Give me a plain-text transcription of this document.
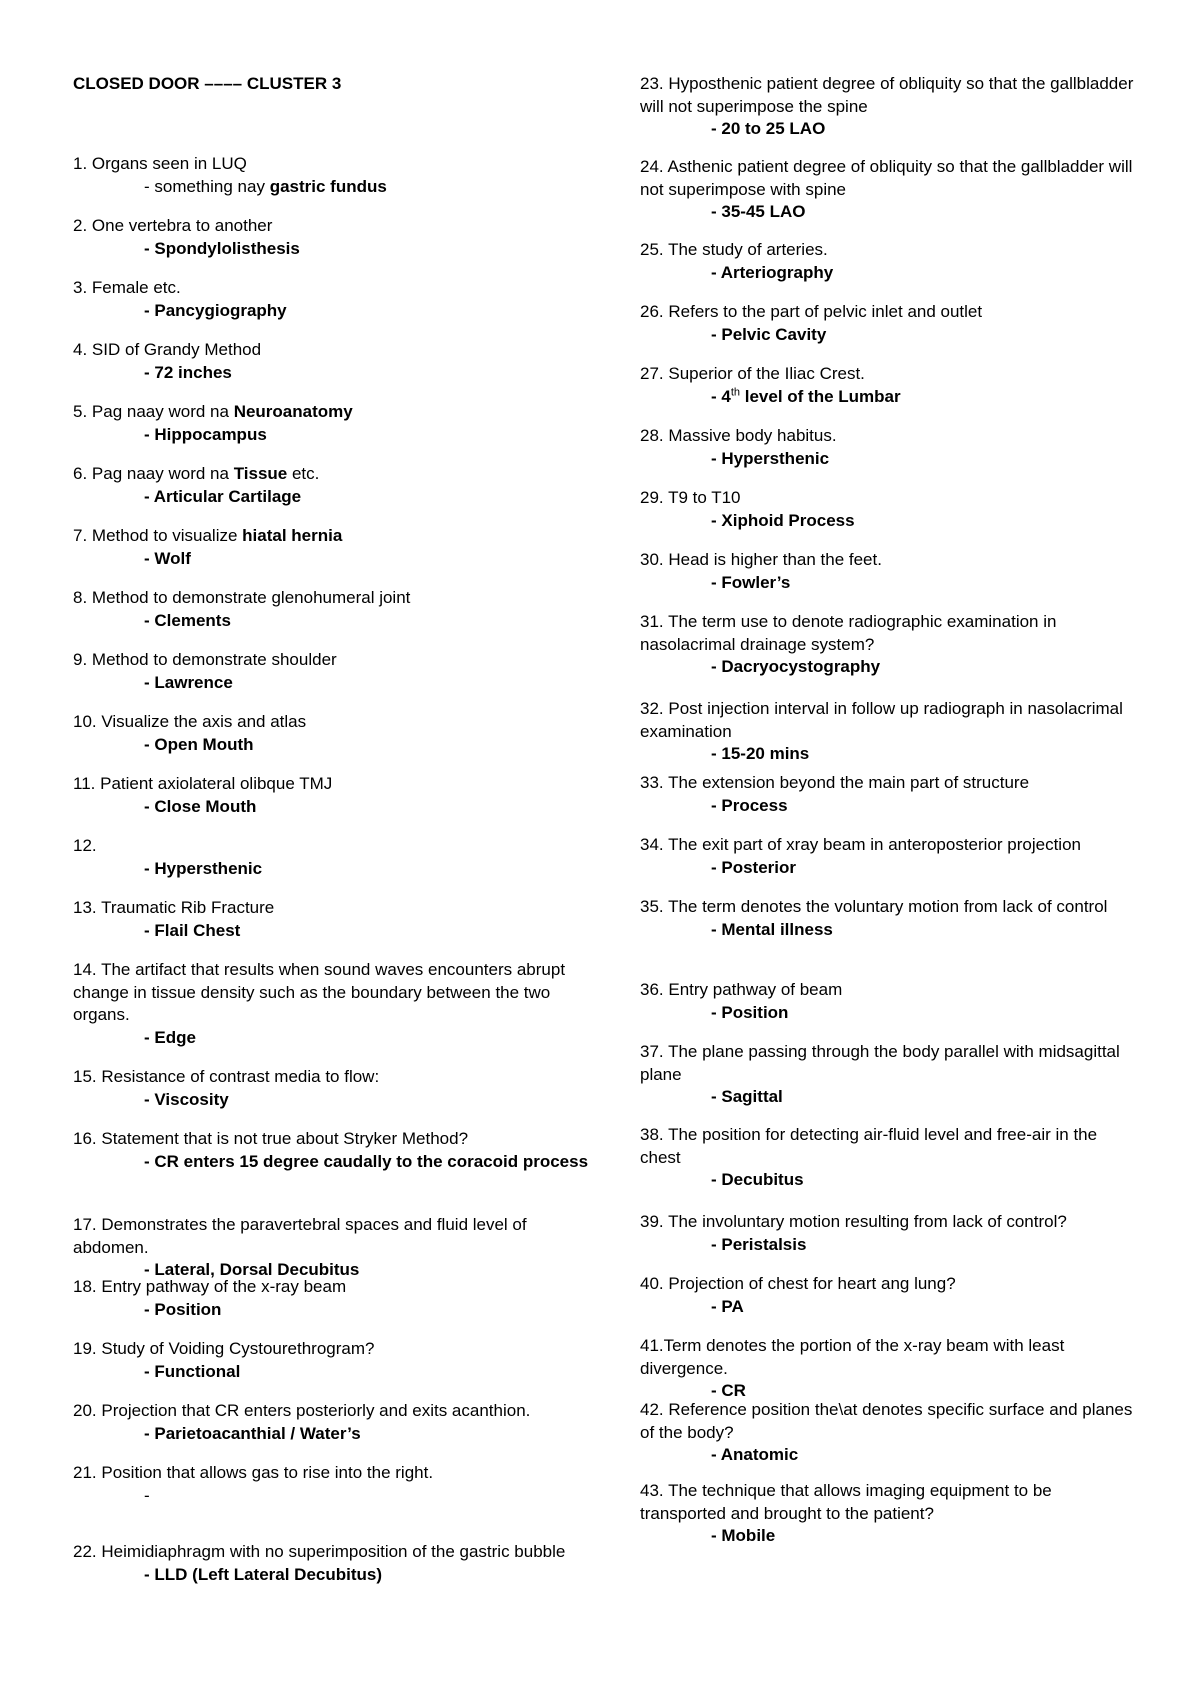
CLOSED DOOR –––– CLUSTER 3
1. Organs seen in LUQ
- something nay gastric fundus
2. One vertebra to another
- Spondylolisthesis
3. Female etc.
- Pancygiography
4. SID of Grandy Method
- 72 inches
5. Pag naay word na Neuroanatomy
- Hippocampus
6. Pag naay word na Tissue etc.
- Articular Cartilage
7. Method to visualize hiatal hernia
- Wolf
8. Method to demonstrate glenohumeral joint
- Clements
9. Method to demonstrate shoulder
- Lawrence
10. Visualize the axis and atlas
- Open Mouth
11. Patient axiolateral olibque TMJ
- Close Mouth
12.
- Hypersthenic
13. Traumatic Rib Fracture
- Flail Chest
14. The artifact that results when sound waves encounters abrupt change in tissue density such as the boundary between the two organs.
- Edge
15. Resistance of contrast media to flow:
- Viscosity
16. Statement that is not true about Stryker Method?
- CR enters 15 degree caudally to the coracoid process
17. Demonstrates the paravertebral spaces and fluid level of abdomen.
- Lateral, Dorsal Decubitus
18. Entry pathway of the x-ray beam
- Position
19. Study of Voiding Cystourethrogram?
- Functional
20. Projection that CR enters posteriorly and exits acanthion.
- Parietoacanthial / Water’s
21. Position that allows gas to rise into the right.
-
22. Heimidiaphragm with no superimposition of the gastric bubble
- LLD (Left Lateral Decubitus)
23. Hyposthenic patient degree of obliquity so that the gallbladder will not superimpose the spine
- 20 to 25 LAO
24. Asthenic patient degree of obliquity so that the gallbladder will not superimpose with spine
- 35-45 LAO
25. The study of arteries.
- Arteriography
26. Refers to the part of pelvic inlet and outlet
- Pelvic Cavity
27. Superior of the Iliac Crest.
- 4th level of the Lumbar
28. Massive body habitus.
- Hypersthenic
29. T9 to T10
- Xiphoid Process
30. Head is higher than the feet.
- Fowler’s
31. The term use to denote radiographic examination in nasolacrimal drainage system?
- Dacryocystography
32. Post injection interval in follow up radiograph in nasolacrimal examination
- 15-20 mins
33. The extension beyond the main part of structure
- Process
34. The exit part of xray beam in anteroposterior projection
- Posterior
35. The term denotes the voluntary motion from lack of control
- Mental illness
36. Entry pathway of beam
- Position
37. The plane passing through the body parallel with midsagittal plane
- Sagittal
38. The position for detecting air-fluid level and free-air in the chest
- Decubitus
39. The involuntary motion resulting from lack of control?
- Peristalsis
40. Projection of chest for heart ang lung?
- PA
41.Term denotes the portion of the x-ray beam with least divergence.
- CR
42. Reference position the\at denotes specific surface and planes of the body?
- Anatomic
43. The technique that allows imaging equipment to be transported and brought to the patient?
- Mobile
